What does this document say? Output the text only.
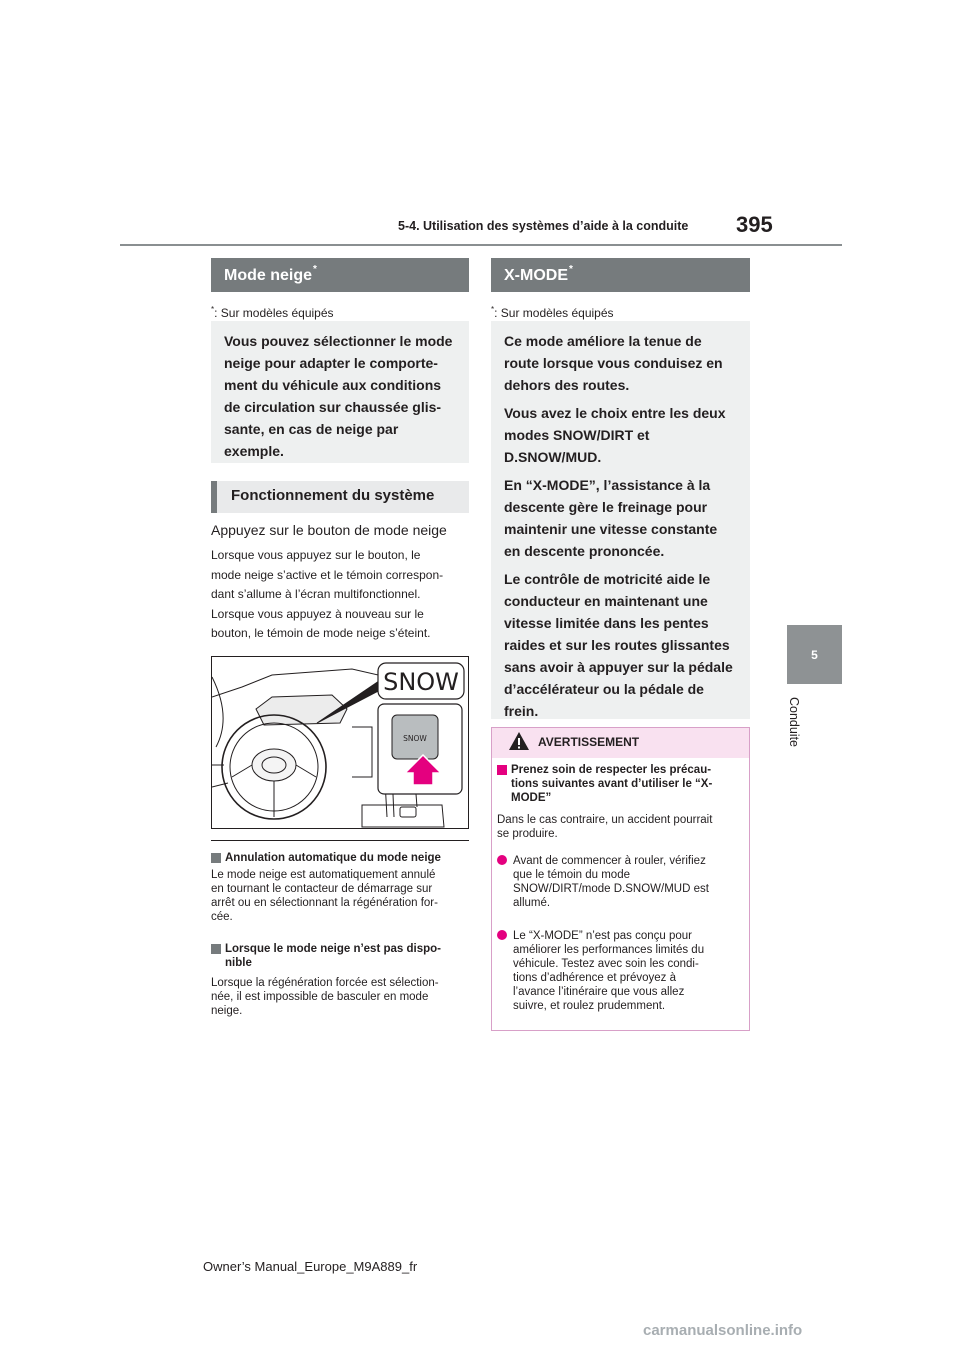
395
5-4. Utilisation des systèmes d’aide à la conduite
5
Conduite
Mode neige*
*: Sur modèles équipés

Vous pouvez sélectionner le mode

neige pour adapter le comporte-

ment du véhicule aux conditions

de circulation sur chaussée glis-

sante, en cas de neige par

exemple.

Fonctionnement du système
Appuyez sur le bouton de mode neige

Lorsque vous appuyez sur le bouton, le

mode neige s’active et le témoin correspon-

dant s’allume à l’écran multifonctionnel.

Lorsque vous appuyez à nouveau sur le

bouton, le témoin de mode neige s’éteint.

SNOW
SNOW
Annulation automatique du mode neige

Le mode neige est automatiquement annulé

en tournant le contacteur de démarrage sur

arrêt ou en sélectionnant la régénération for-

cée.

Lorsque le mode neige n’est pas dispo-
nible

Lorsque la régénération forcée est sélection-

née, il est impossible de basculer en mode

neige.

X-MODE*
*: Sur modèles équipés

Ce mode améliore la tenue de

route lorsque vous conduisez en

dehors des routes.

Vous avez le choix entre les deux

modes SNOW/DIRT et

D.SNOW/MUD.

En “X-MODE”, l’assistance à la

descente gère le freinage pour

maintenir une vitesse constante

en descente prononcée.

Le contrôle de motricité aide le

conducteur en maintenant une

vitesse limitée dans les pentes

raides et sur les routes glissantes

sans avoir à appuyer sur la pédale

d’accélérateur ou la pédale de

frein.

AVERTISSEMENT
Prenez soin de respecter les précau-
tions suivantes avant d’utiliser le “X-
MODE”

Dans le cas contraire, un accident pourrait

se produire.

Avant de commencer à rouler, vérifiez

que le témoin du mode

SNOW/DIRT/mode D.SNOW/MUD est

allumé.

Le “X-MODE” n’est pas conçu pour

améliorer les performances limités du

véhicule. Testez avec soin les condi-

tions d’adhérence et prévoyez à

l’avance l’itinéraire que vous allez

suivre, et roulez prudemment.

Owner’s Manual_Europe_M9A889_fr
carmanualsonline.info
